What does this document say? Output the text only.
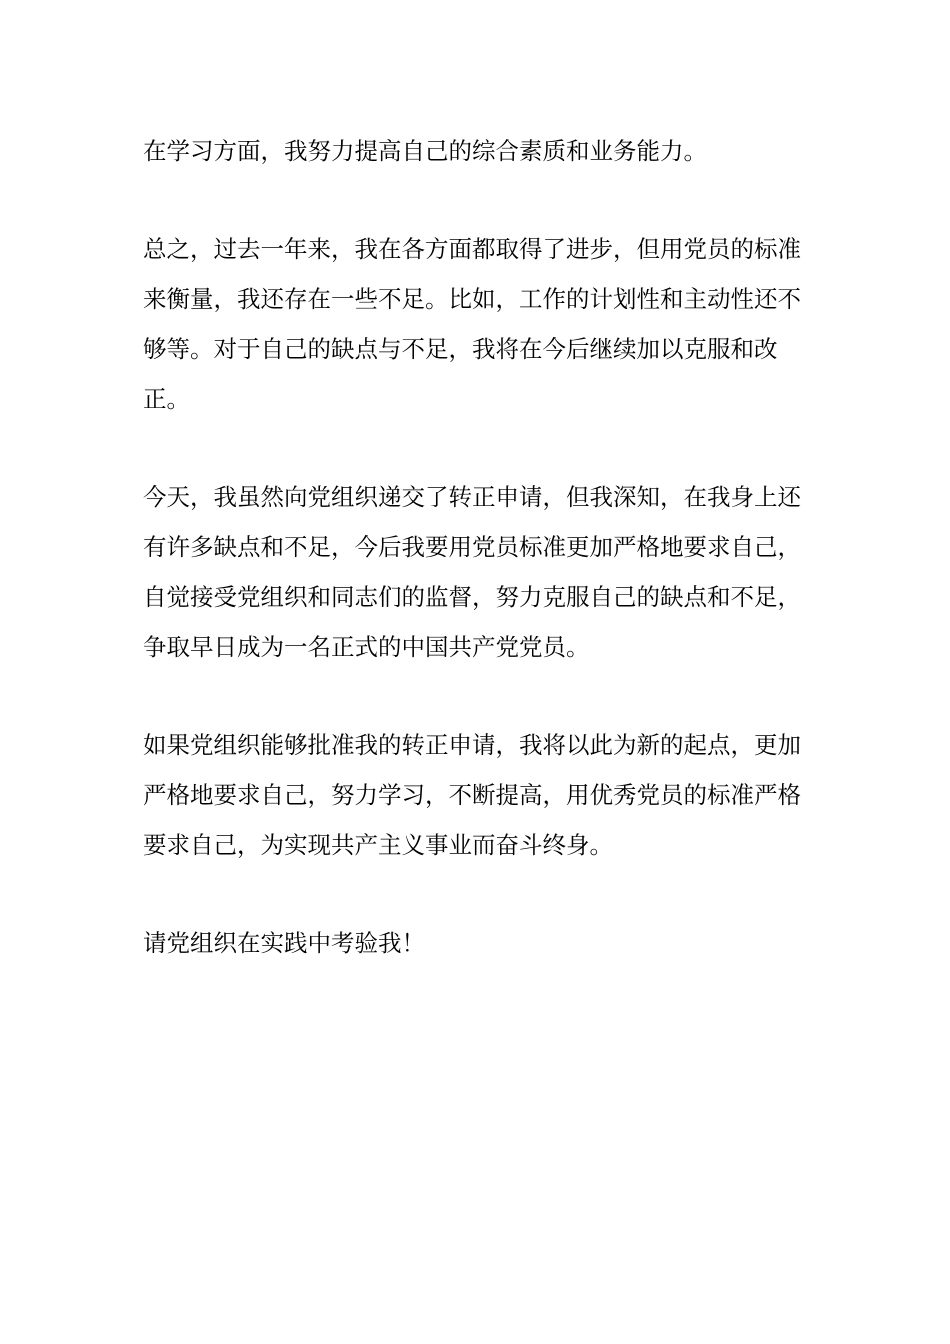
在学习方面，我努力提高自己的综合素质和业务能力。

总之，过去一年来，我在各方面都取得了进步，但用党员的标准来衡量，我还存在一些不足。比如，工作的计划性和主动性还不够等。对于自己的缺点与不足，我将在今后继续加以克服和改正。

今天，我虽然向党组织递交了转正申请，但我深知，在我身上还有许多缺点和不足，今后我要用党员标准更加严格地要求自己，自觉接受党组织和同志们的监督，努力克服自己的缺点和不足，争取早日成为一名正式的中国共产党党员。

如果党组织能够批准我的转正申请，我将以此为新的起点，更加严格地要求自己，努力学习，不断提高，用优秀党员的标准严格要求自己，为实现共产主义事业而奋斗终身。

请党组织在实践中考验我！
